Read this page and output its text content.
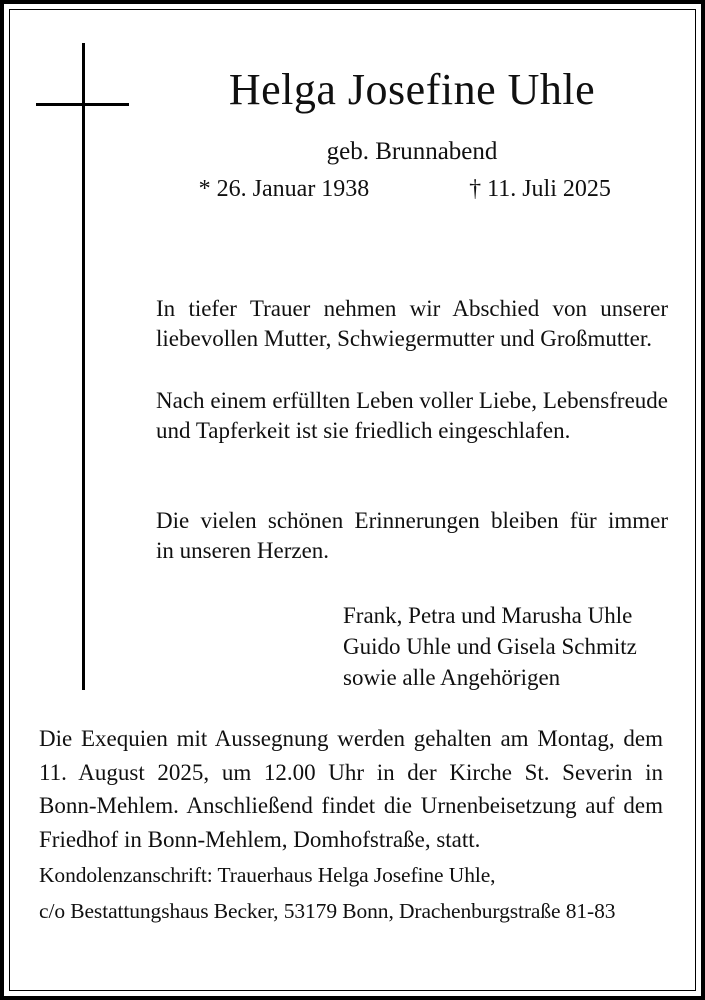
Helga Josefine Uhle
geb. Brunnabend
* 26. Januar 1938	† 11. Juli 2025
In tiefer Trauer nehmen wir Abschied von unserer
liebevollen Mutter, Schwiegermutter und Großmutter.
Nach einem erfüllten Leben voller Liebe, Lebensfreude
und Tapferkeit ist sie friedlich eingeschlafen.
Die vielen schönen Erinnerungen bleiben für immer
in unseren Herzen.
Frank, Petra und Marusha Uhle
Guido Uhle und Gisela Schmitz
sowie alle Angehörigen
Die Exequien mit Aussegnung werden gehalten am Montag, dem
11. August 2025, um 12.00 Uhr in der Kirche St. Severin in
Bonn-Mehlem. Anschließend findet die Urnenbeisetzung auf dem
Friedhof in Bonn-Mehlem, Domhofstraße, statt.
Kondolenzanschrift: Trauerhaus Helga Josefine Uhle,
c/o Bestattungshaus Becker, 53179 Bonn, Drachenburgstraße 81-83
